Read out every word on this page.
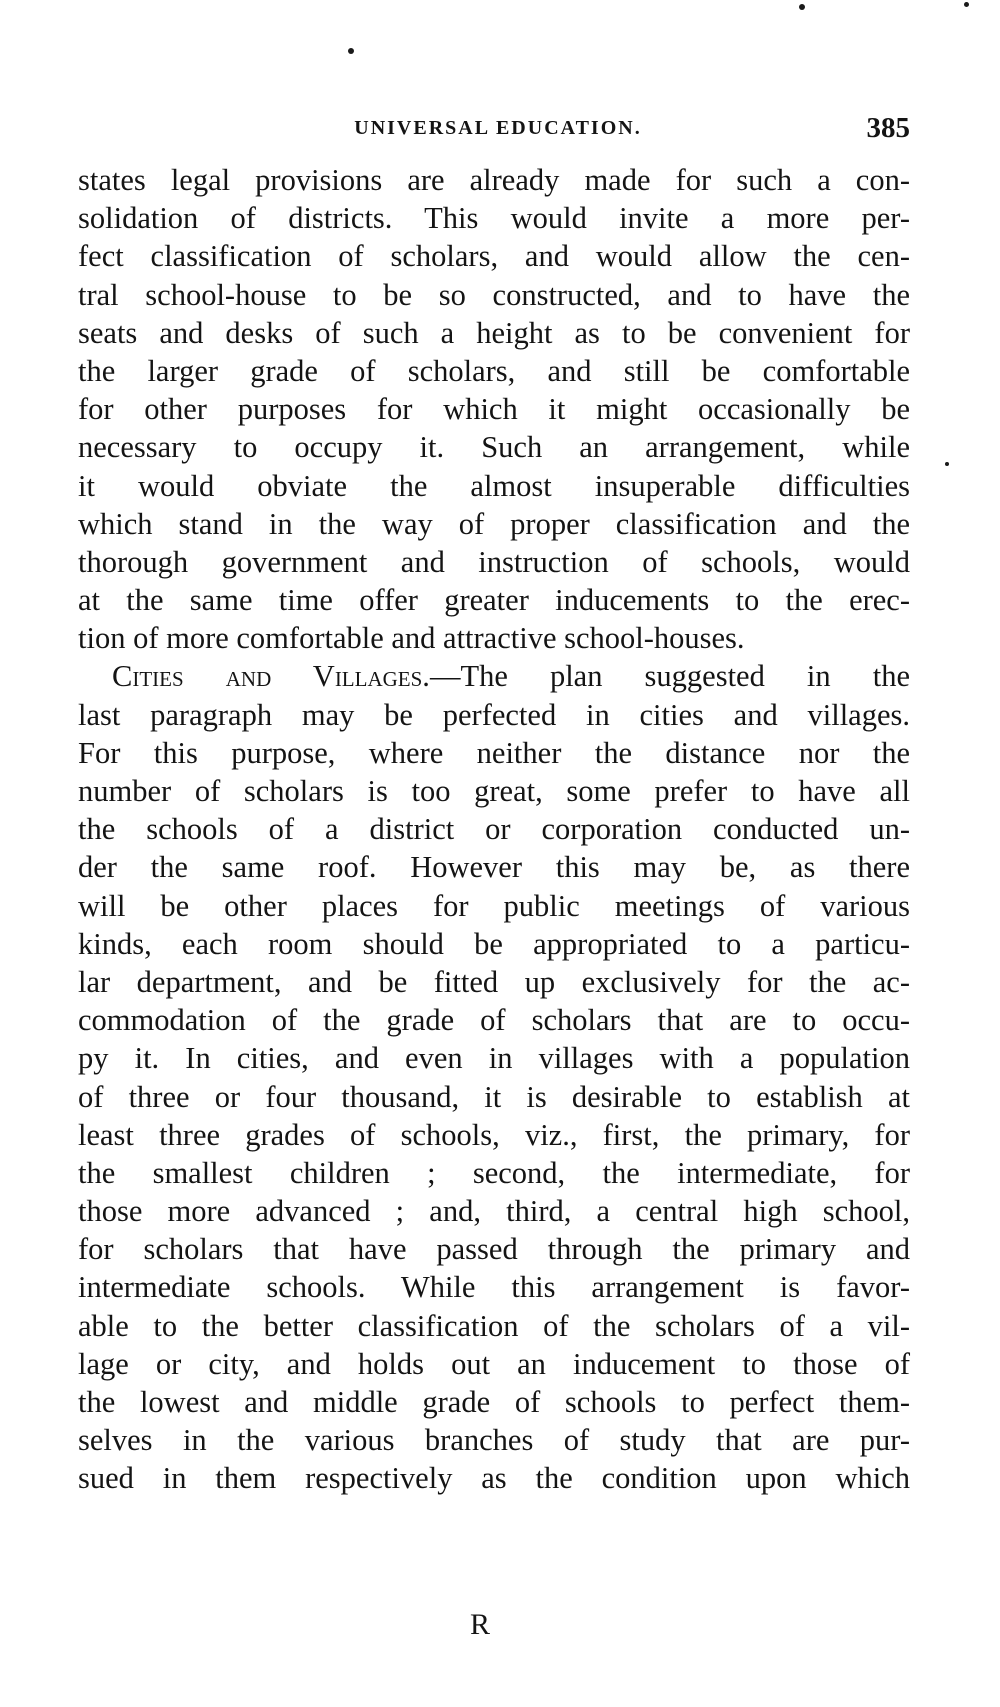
UNIVERSAL EDUCATION.	385
states legal provisions are already made for such a con-
solidation of districts. This would invite a more per-
fect classification of scholars, and would allow the cen-
tral school-house to be so constructed, and to have the
seats and desks of such a height as to be convenient for
the larger grade of scholars, and still be comfortable
for other purposes for which it might occasionally be
necessary to occupy it. Such an arrangement, while
it would obviate the almost insuperable difficulties
which stand in the way of proper classification and the
thorough government and instruction of schools, would
at the same time offer greater inducements to the erec-
tion of more comfortable and attractive school-houses.
Cities and Villages.—The plan suggested in the
last paragraph may be perfected in cities and villages.
For this purpose, where neither the distance nor the
number of scholars is too great, some prefer to have all
the schools of a district or corporation conducted un-
der the same roof. However this may be, as there
will be other places for public meetings of various
kinds, each room should be appropriated to a particu-
lar department, and be fitted up exclusively for the ac-
commodation of the grade of scholars that are to occu-
py it. In cities, and even in villages with a population
of three or four thousand, it is desirable to establish at
least three grades of schools, viz., first, the primary, for
the smallest children ; second, the intermediate, for
those more advanced ; and, third, a central high school,
for scholars that have passed through the primary and
intermediate schools. While this arrangement is favor-
able to the better classification of the scholars of a vil-
lage or city, and holds out an inducement to those of
the lowest and middle grade of schools to perfect them-
selves in the various branches of study that are pur-
sued in them respectively as the condition upon which
R
